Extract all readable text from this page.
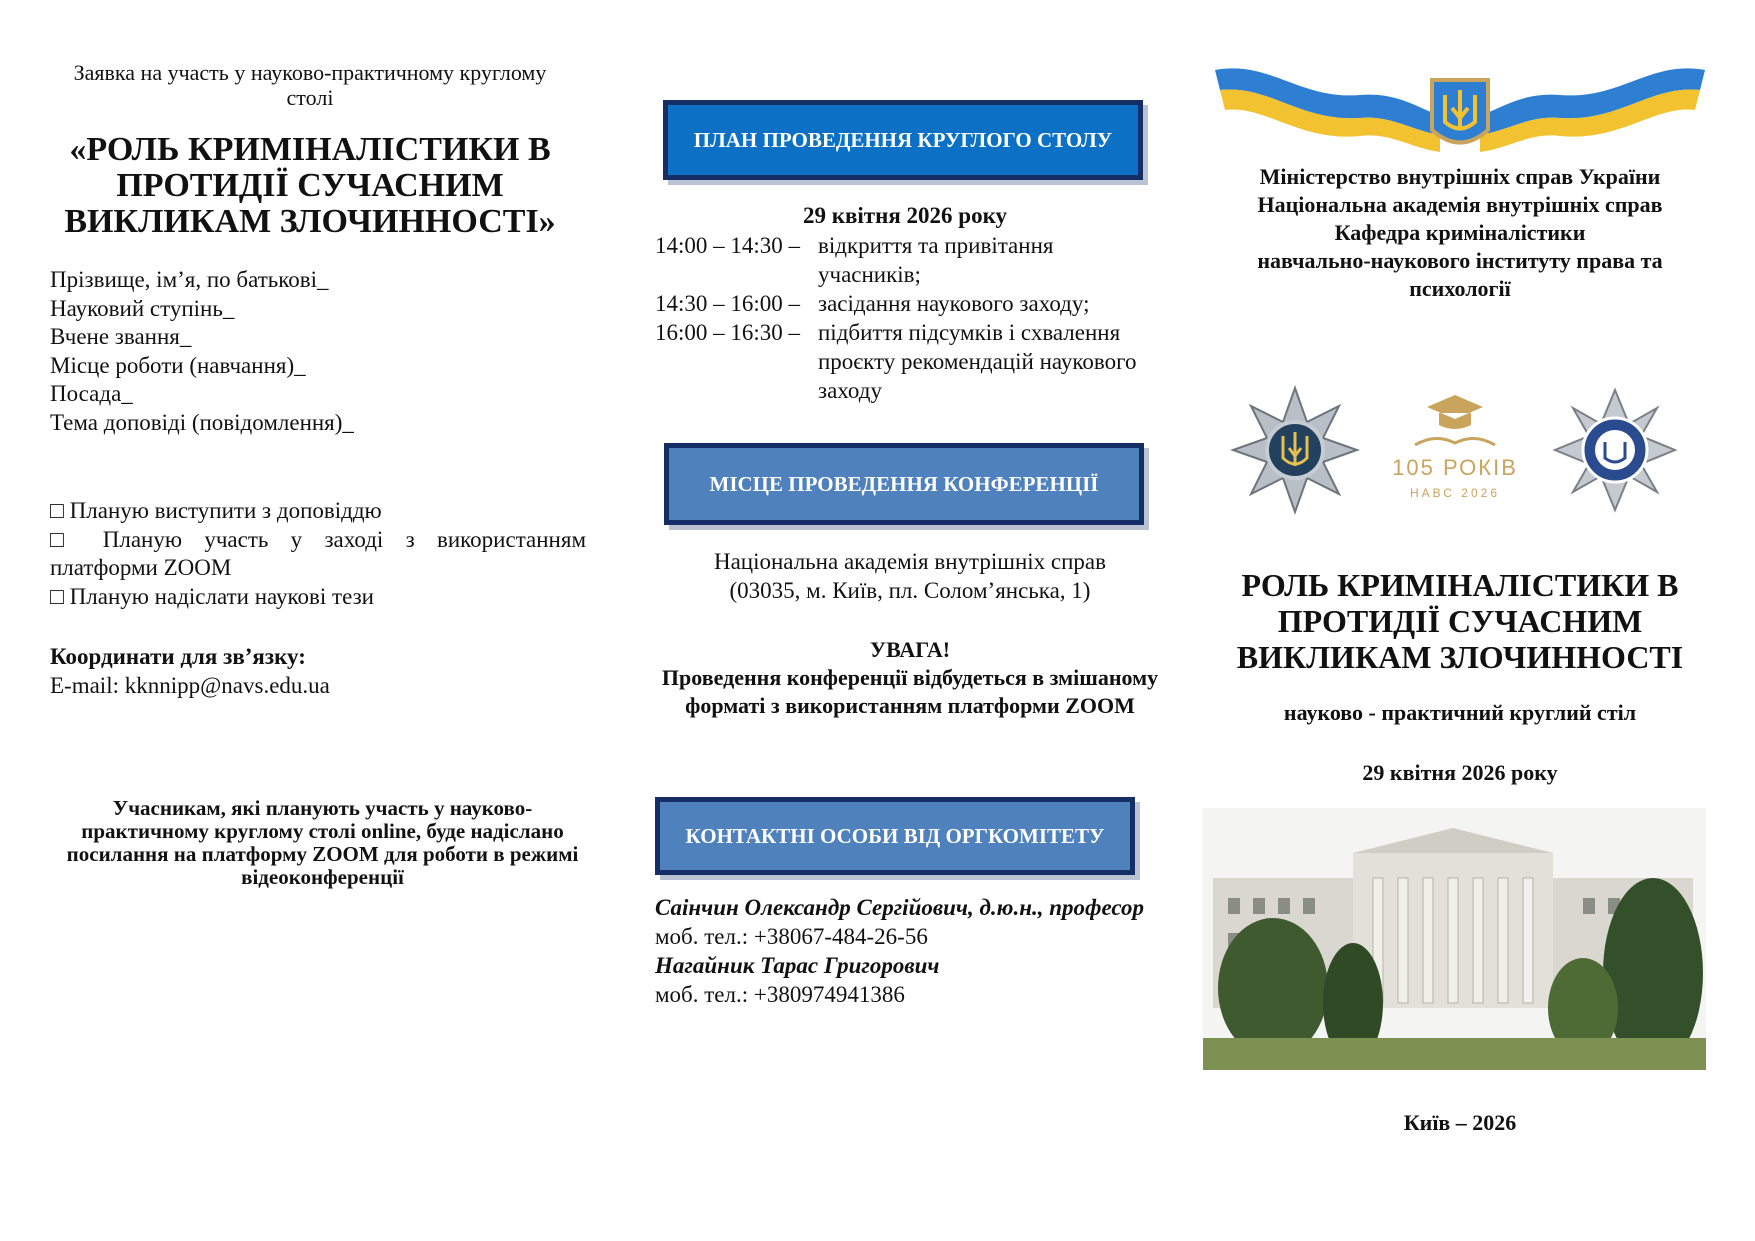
Заявка на участь у науково-практичному круглому столі
«РОЛЬ КРИМІНАЛІСТИКИ В ПРОТИДІЇ СУЧАСНИМ ВИКЛИКАМ ЗЛОЧИННОСТІ»
Прізвище, ім’я, по батькові_
Науковий ступінь_
Вчене звання_
Місце роботи (навчання)_
Посада_
Тема доповіді (повідомлення)_
□ Планую виступити з доповіддю
□ Планую участь у заході з використанням
платформи ZOOM
□ Планую надіслати наукові тези
Координати для зв’язку:
E-mail: kknnipp@navs.edu.ua
Учасникам, які планують участь у науково-практичному круглому столі online, буде надіслано посилання на платформу ZOOM для роботи в режимі відеоконференції
ПЛАН ПРОВЕДЕННЯ КРУГЛОГО СТОЛУ
29 квітня 2026 року
14:00 – 14:30 – відкриття та привітання учасників;
14:30 – 16:00 – засідання наукового заходу;
16:00 – 16:30 – підбиття підсумків і схвалення проєкту рекомендацій наукового заходу
МІСЦЕ ПРОВЕДЕННЯ КОНФЕРЕНЦІЇ
Національна академія внутрішніх справ
(03035, м. Київ, пл. Солом’янська, 1)
УВАГА!
Проведення конференції відбудеться в змішаному форматі з використанням платформи ZOOM
КОНТАКТНІ ОСОБИ ВІД ОРГКОМІТЕТУ
Саінчин Олександр Сергійович, д.ю.н., професор
моб. тел.: +38067-484-26-56
Нагайник Тарас Григорович
моб. тел.: +380974941386
Міністерство внутрішніх справ України
Національна академія внутрішніх справ
Кафедра криміналістики
навчально-наукового інституту права та психології
105 РОКІВ
НАВС 2026
РОЛЬ КРИМІНАЛІСТИКИ В ПРОТИДІЇ СУЧАСНИМ ВИКЛИКАМ ЗЛОЧИННОСТІ
науково - практичний круглий стіл
29 квітня 2026 року
Київ – 2026
